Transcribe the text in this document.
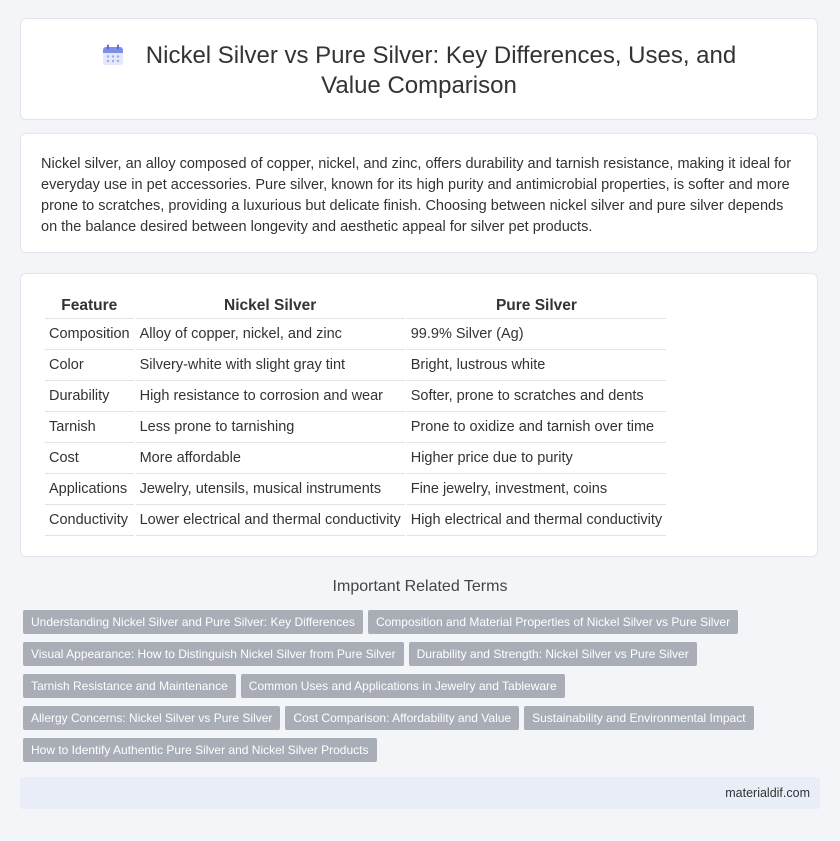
Nickel Silver vs Pure Silver: Key Differences, Uses, and Value Comparison
Nickel silver, an alloy composed of copper, nickel, and zinc, offers durability and tarnish resistance, making it ideal for everyday use in pet accessories. Pure silver, known for its high purity and antimicrobial properties, is softer and more prone to scratches, providing a luxurious but delicate finish. Choosing between nickel silver and pure silver depends on the balance desired between longevity and aesthetic appeal for silver pet products.
Feature	Nickel Silver	Pure Silver
Composition	Alloy of copper, nickel, and zinc	99.9% Silver (Ag)
Color	Silvery-white with slight gray tint	Bright, lustrous white
Durability	High resistance to corrosion and wear	Softer, prone to scratches and dents
Tarnish	Less prone to tarnishing	Prone to oxidize and tarnish over time
Cost	More affordable	Higher price due to purity
Applications	Jewelry, utensils, musical instruments	Fine jewelry, investment, coins
Conductivity	Lower electrical and thermal conductivity	High electrical and thermal conductivity
Important Related Terms
Understanding Nickel Silver and Pure Silver: Key Differences Composition and Material Properties of Nickel Silver vs Pure Silver
Visual Appearance: How to Distinguish Nickel Silver from Pure Silver Durability and Strength: Nickel Silver vs Pure Silver
Tarnish Resistance and Maintenance Common Uses and Applications in Jewelry and Tableware
Allergy Concerns: Nickel Silver vs Pure Silver Cost Comparison: Affordability and Value Sustainability and Environmental Impact
How to Identify Authentic Pure Silver and Nickel Silver Products
materialdif.com
